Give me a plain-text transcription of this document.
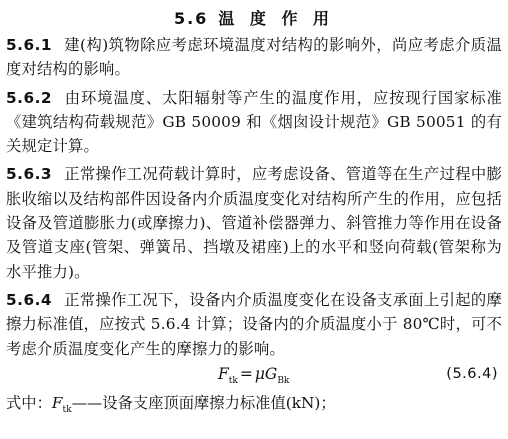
5.6 温 度 作 用

5.6.1 建(构)筑物除应考虑环境温度对结构的影响外，尚应考虑介质温度对结构的影响。

5.6.2 由环境温度、太阳辐射等产生的温度作用，应按现行国家标准《建筑结构荷载规范》GB 50009 和《烟囱设计规范》GB 50051 的有关规定计算。

5.6.3 正常操作工况荷载计算时，应考虑设备、管道等在生产过程中膨胀收缩以及结构部件因设备内介质温度变化对结构所产生的作用，应包括设备及管道膨胀力(或摩擦力)、管道补偿器弹力、斜管推力等作用在设备及管道支座(管架、弹簧吊、挡墩及裙座)上的水平和竖向荷载(管架称为水平推力)。

5.6.4 正常操作工况下，设备内介质温度变化在设备支承面上引起的摩擦力标准值，应按式 5.6.4 计算；设备内的介质温度小于 80℃时，可不考虑介质温度变化产生的摩擦力的影响。

$F_{tk} = \mu G_{Bk}$	(5.6.4)

式中：$F_{tk}——$设备支座顶面摩擦力标准值(kN)；
